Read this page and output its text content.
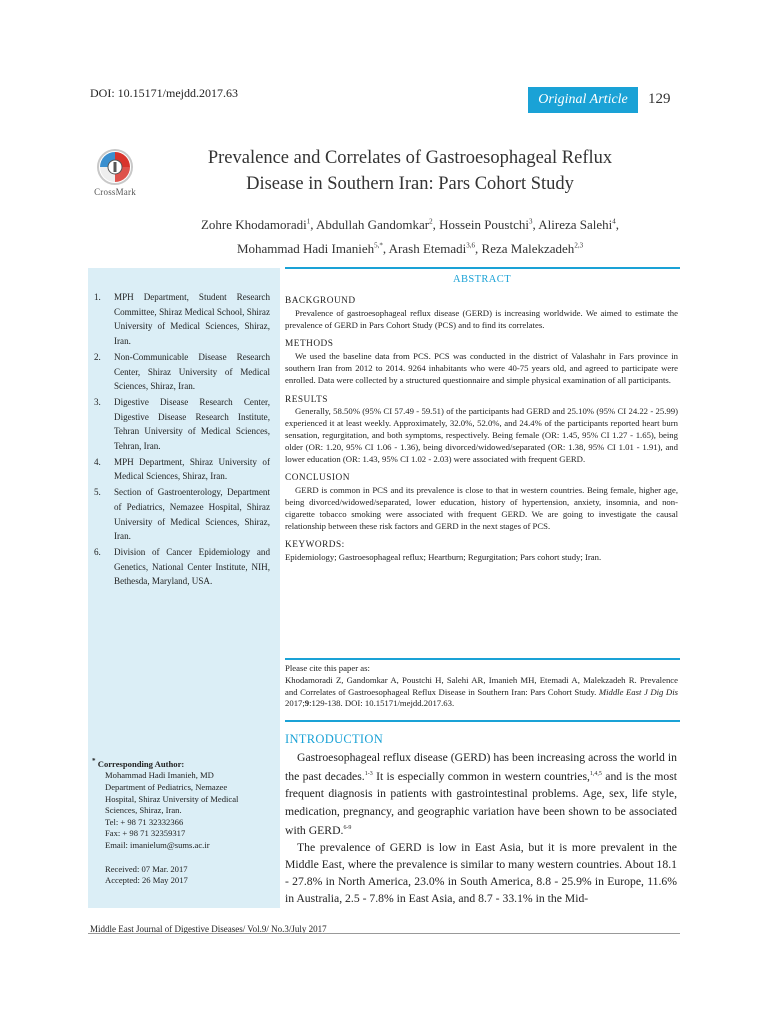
DOI: 10.15171/mejdd.2017.63	Original Article	129
CrossMark
Prevalence and Correlates of Gastroesophageal Reflux
Disease in Southern Iran: Pars Cohort Study
Zohre Khodamoradi$^1$, Abdullah Gandomkar$^2$, Hossein Poustchi$^3$, Alireza Salehi$^4$,
Mohammad Hadi Imanieh$^{5,*}$, Arash Etemadi$^{3,6}$, Reza Malekzadeh$^{2,3}$
1. MPH Department, Student Research Committee, Shiraz Medical School, Shiraz University of Medical Sciences, Shiraz, Iran.
2. Non-Communicable Disease Research Center, Shiraz University of Medical Sciences, Shiraz, Iran.
3. Digestive Disease Research Center, Digestive Disease Research Institute, Tehran University of Medical Sciences, Tehran, Iran.
4. MPH Department, Shiraz University of Medical Sciences, Shiraz, Iran.
5. Section of Gastroenterology, Department of Pediatrics, Nemazee Hospital, Shiraz University of Medical Sciences, Shiraz, Iran.
6. Division of Cancer Epidemiology and Genetics, National Center Institute, NIH, Bethesda, Maryland, USA.
* Corresponding Author:
Mohammad Hadi Imanieh, MD
Department of Pediatrics, Nemazee
Hospital, Shiraz University of Medical
Sciences, Shiraz, Iran.
Tel: + 98 71 32332366
Fax: + 98 71 32359317
Email: imanielum@sums.ac.ir
Received: 07 Mar. 2017
Accepted: 26 May 2017
ABSTRACT
BACKGROUND

Prevalence of gastroesophageal reflux disease (GERD) is increasing worldwide. We aimed to estimate the prevalence of GERD in Pars Cohort Study (PCS) and to find its correlates.

METHODS

We used the baseline data from PCS. PCS was conducted in the district of Valashahr in Fars province in southern Iran from 2012 to 2014. 9264 inhabitants who were 40-75 years old, and agreed to participate were enrolled. Data were collected by a structured questionnaire and simple physical examination of all participants.

RESULTS

Generally, 58.50% (95% CI 57.49 - 59.51) of the participants had GERD and 25.10% (95% CI 24.22 - 25.99) experienced it at least weekly. Approximately, 32.0%, 52.0%, and 24.4% of the participants reported heart burn sensation, regurgitation, and both symptoms, respectively. Being female (OR: 1.45, 95% CI 1.27 - 1.65), being older (OR: 1.20, 95% CI 1.06 - 1.36), being divorced/widowed/separated (OR: 1.38, 95% CI 1.01 - 1.91), and lower education (OR: 1.43, 95% CI 1.02 - 2.03) were associated with frequent GERD.

CONCLUSION

GERD is common in PCS and its prevalence is close to that in western countries. Being female, higher age, being divorced/widowed/separated, lower education, history of hypertension, anxiety, insomnia, and non-cigarette tobacco smoking were associated with frequent GERD. We are going to investigate the causal relationship between these risk factors and GERD in the next stages of PCS.

KEYWORDS:

Epidemiology; Gastroesophageal reflux; Heartburn; Regurgitation; Pars cohort study; Iran.

Please cite this paper as:
Khodamoradi Z, Gandomkar A, Poustchi H, Salehi AR, Imanieh MH, Etemadi A, Malekzadeh R. Prevalence and Correlates of Gastroesophageal Reflux Disease in Southern Iran: Pars Cohort Study. Middle East J Dig Dis 2017;9:129-138. DOI: 10.15171/mejdd.2017.63.
INTRODUCTION

Gastroesophageal reflux disease (GERD) has been increasing across the world in the past decades.$^{1-3}$ It is especially common in western countries,$^{1,4,5}$ and is the most frequent diagnosis in patients with gastrointestinal problems. Age, sex, life style, medication, pregnancy, and geographic variation have been shown to be associated with GERD.$^{6-9}$

The prevalence of GERD is low in East Asia, but it is more prevalent in the Middle East, where the prevalence is similar to many western countries. About 18.1 - 27.8% in North America, 23.0% in South America, 8.8 - 25.9% in Europe, 11.6% in Australia, 2.5 - 7.8% in East Asia, and 8.7 - 33.1% in the Mid-

Middle East Journal of Digestive Diseases/ Vol.9/ No.3/July 2017
